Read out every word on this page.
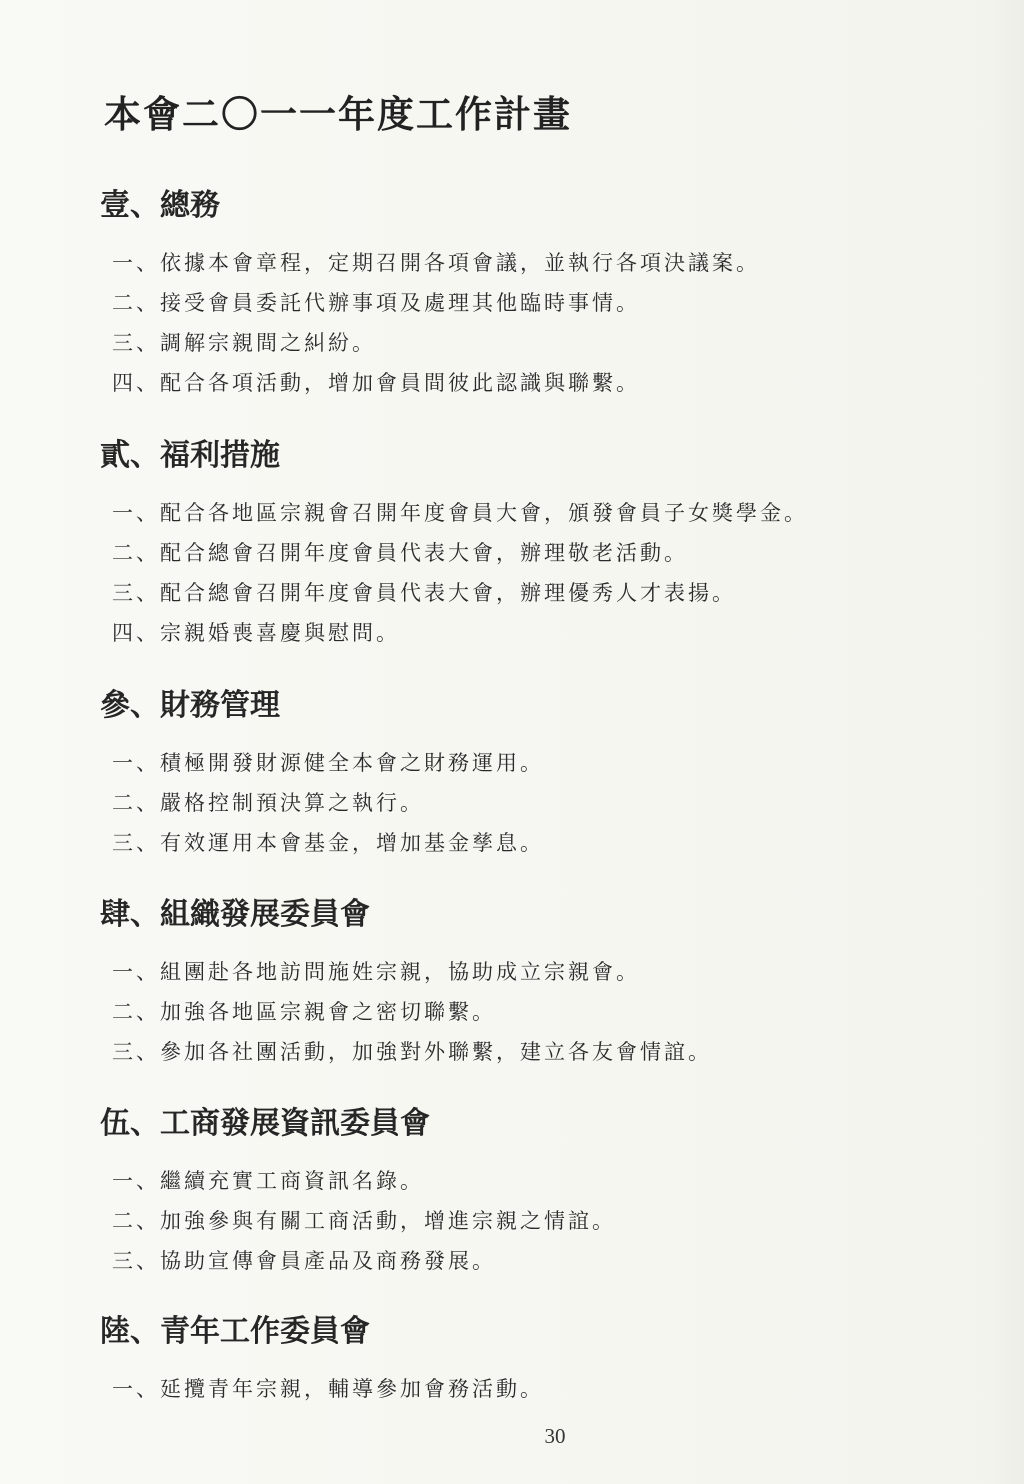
本會二〇一一年度工作計畫
壹、總務
一、依據本會章程，定期召開各項會議，並執行各項決議案。
二、接受會員委託代辦事項及處理其他臨時事情。
三、調解宗親間之糾紛。
四、配合各項活動，增加會員間彼此認識與聯繫。
貳、福利措施
一、配合各地區宗親會召開年度會員大會，頒發會員子女獎學金。
二、配合總會召開年度會員代表大會，辦理敬老活動。
三、配合總會召開年度會員代表大會，辦理優秀人才表揚。
四、宗親婚喪喜慶與慰問。
參、財務管理
一、積極開發財源健全本會之財務運用。
二、嚴格控制預決算之執行。
三、有效運用本會基金，增加基金孳息。
肆、組織發展委員會
一、組團赴各地訪問施姓宗親，協助成立宗親會。
二、加強各地區宗親會之密切聯繫。
三、參加各社團活動，加強對外聯繫，建立各友會情誼。
伍、工商發展資訊委員會
一、繼續充實工商資訊名錄。
二、加強參與有關工商活動，增進宗親之情誼。
三、協助宣傳會員產品及商務發展。
陸、青年工作委員會
一、延攬青年宗親，輔導參加會務活動。
30
